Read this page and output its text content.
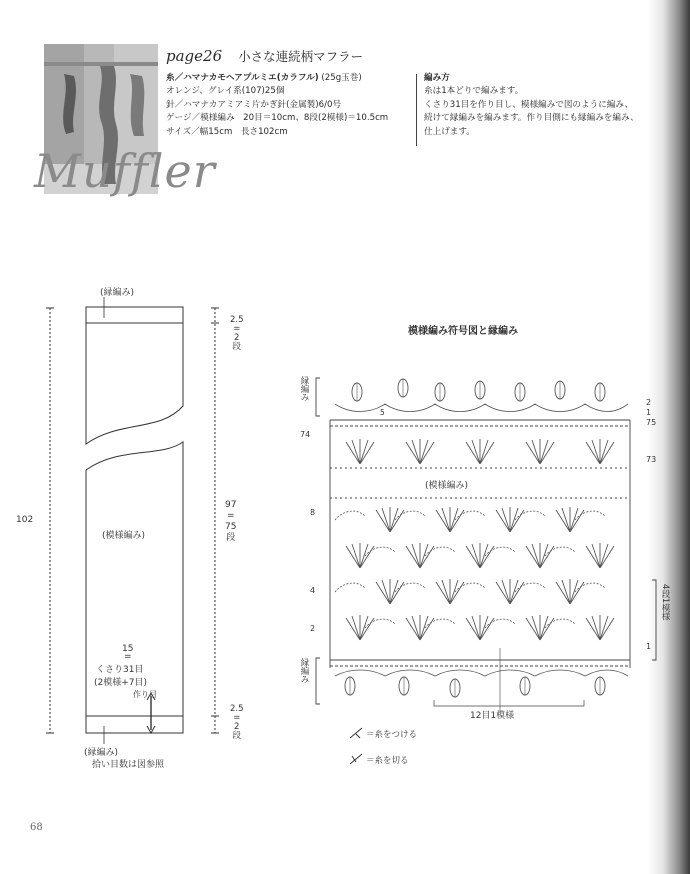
Muffler
page26 小さな連続柄マフラー
糸／ハマナカモヘアプルミエ(カラフル) (25g玉巻)
オレンジ、グレイ系(107)25個
針／ハマナカアミアミ片かぎ針(金属製)6/0号
ゲージ／模様編み　20目＝10cm、8段(2模様)＝10.5cm
サイズ／幅15cm　長さ102cm
編み方
糸は1本どりで編みます。
くさり31目を作り目し、模様編みで図のように編み、
続けて縁編みを編みます。作り目側にも縁編みを編み、
仕上げます。
(縁編み)
(模様編み)
102
2.5
=
2
段
97
=
75
段
2.5
=
2
段
15
=
くさり31目
(2模様+7目)
作り目
(縁編み)
拾い目数は図参照
模様編み符号図と縁編み
縁編み
縁編み
(模様編み)
4段1模様
12目1模様
74
75
73
8
4
2
1
2
1
5
＝糸をつける
＝糸を切る
68
